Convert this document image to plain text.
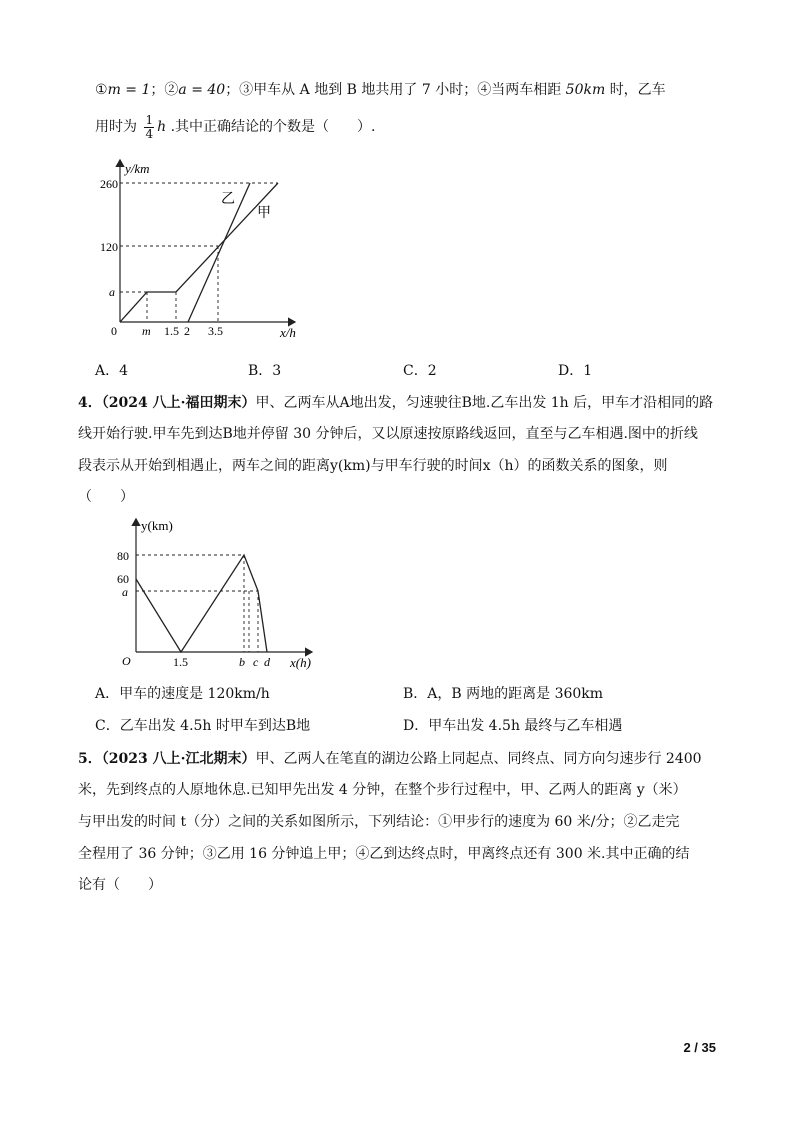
①m = 1；②a = 40；③甲车从 A 地到 B 地共用了 7 小时；④当两车相距 50km 时，乙车
用时为 $\frac{1}{4}$ h .其中正确结论的个数是（　　）.
y/km
x/h
260
120
a
0 m 1.5 2 3.5
乙
甲
A．4	B．3	C．2	D．1
4．（2024 八上·福田期末）甲、乙两车从A地出发，匀速驶往B地.乙车出发 1h 后，甲车才沿相同的路
线开始行驶.甲车先到达B地并停留 30 分钟后，又以原速按原路线返回，直至与乙车相遇.图中的折线
段表示从开始到相遇止，两车之间的距离y(km)与甲车行驶的时间x（h）的函数关系的图象，则
（　　）
y(km)
x(h)
80
60
a
O	1.5	b c d
A．甲车的速度是 120km/h	B．A，B 两地的距离是 360km
C．乙车出发 4.5h 时甲车到达B地	D．甲车出发 4.5h 最终与乙车相遇
5．（2023 八上·江北期末）甲、乙两人在笔直的湖边公路上同起点、同终点、同方向匀速步行 2400
米，先到终点的人原地休息.已知甲先出发 4 分钟，在整个步行过程中，甲、乙两人的距离 y（米）
与甲出发的时间 t（分）之间的关系如图所示，下列结论：①甲步行的速度为 60 米/分；②乙走完
全程用了 36 分钟；③乙用 16 分钟追上甲；④乙到达终点时，甲离终点还有 300 米.其中正确的结
论有（　　）
2 / 35
